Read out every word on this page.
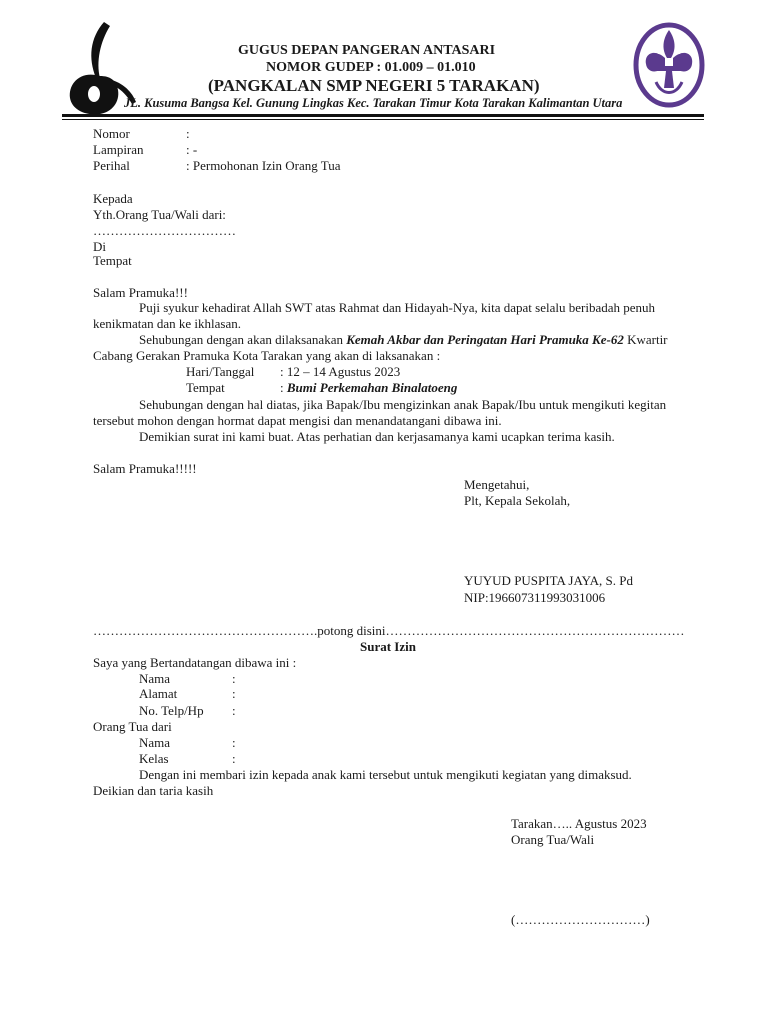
GUGUS DEPAN PANGERAN ANTASARI
NOMOR GUDEP : 01.009 – 01.010
(PANGKALAN SMP NEGERI 5 TARAKAN)
JL. Kusuma Bangsa Kel. Gunung Lingkas Kec. Tarakan Timur Kota Tarakan Kalimantan Utara
Nomor	:
Lampiran	: -
Perihal	: Permohonan Izin Orang Tua
Kepada
Yth.Orang Tua/Wali dari:
……………………………
Di
Tempat
Salam Pramuka!!!
Puji syukur kehadirat Allah SWT atas Rahmat dan Hidayah-Nya, kita dapat selalu beribadah penuh
kenikmatan dan ke ikhlasan.
Sehubungan dengan akan dilaksanakan Kemah Akbar dan Peringatan Hari Pramuka Ke-62 Kwartir
Cabang Gerakan Pramuka Kota Tarakan yang akan di laksanakan :
Hari/Tanggal : 12 – 14 Agustus 2023
Tempat	: Bumi Perkemahan Binalatoeng
Sehubungan dengan hal diatas, jika Bapak/Ibu mengizinkan anak Bapak/Ibu untuk mengikuti kegitan
tersebut mohon dengan hormat dapat mengisi dan menandatangani dibawa ini.
Demikian surat ini kami buat. Atas perhatian dan kerjasamanya kami ucapkan terima kasih.
Salam Pramuka!!!!!
Mengetahui,
Plt, Kepala Sekolah,
YUYUD PUSPITA JAYA, S. Pd
NIP:196607311993031006
…………………………………………….potong disini……………………………………………………………
Surat Izin
Saya yang Bertandatangan dibawa ini :
Nama	:
Alamat	:
No. Telp/Hp :
Orang Tua dari
Nama	:
Kelas	:
Dengan ini membari izin kepada anak kami tersebut untuk mengikuti kegiatan yang dimaksud.
Deikian dan taria kasih
Tarakan….. Agustus 2023
Orang Tua/Wali
(…………………………)
